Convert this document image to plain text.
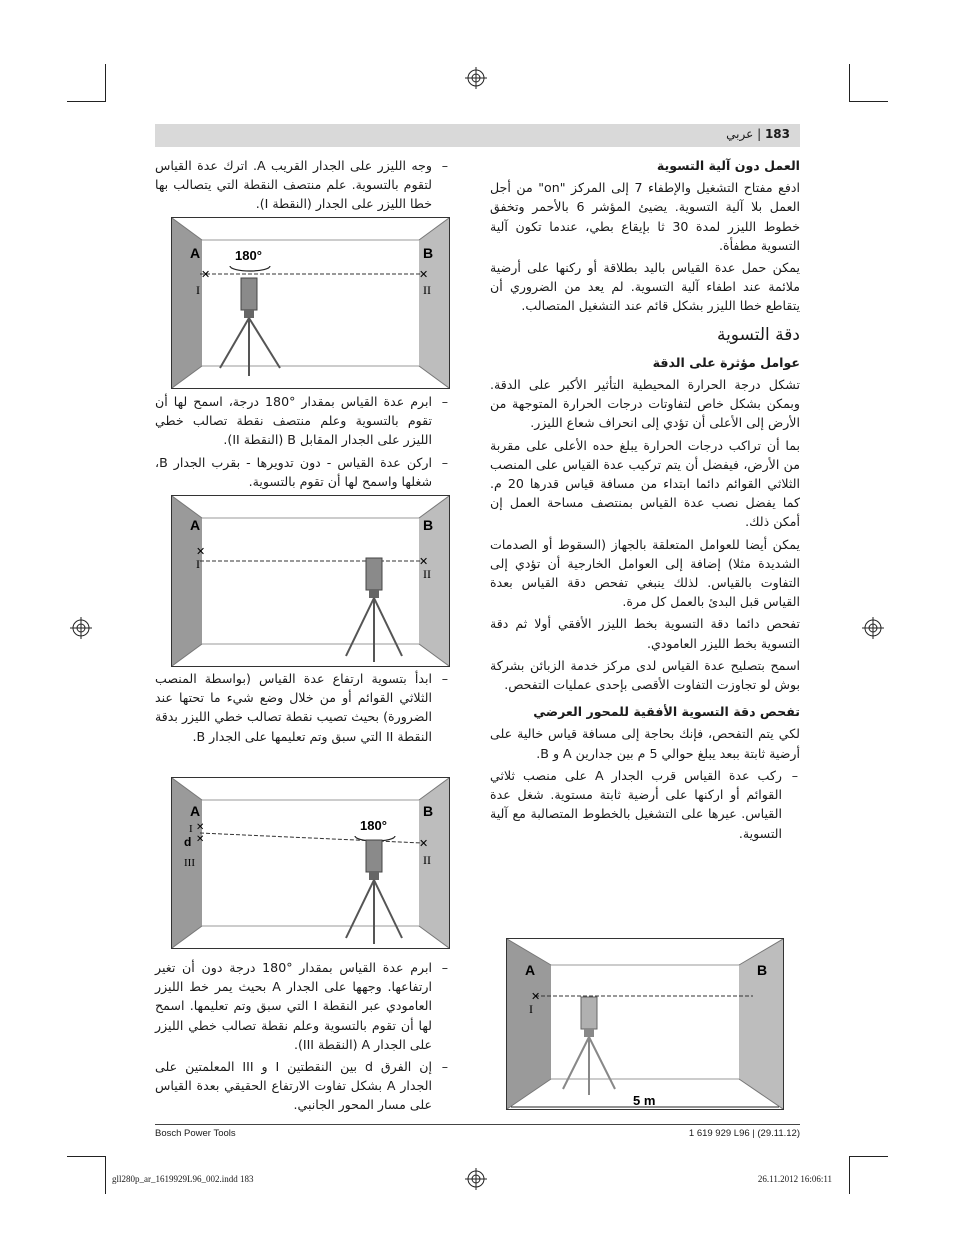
183 | عربي
العمل دون آلية التسوية

ادفع مفتاح التشغيل والإطفاء 7 إلى المركز "on" من أجل العمل بلا آلية التسوية. يضيئ المؤشر 6 بالأحمر وتخفق خطوط الليزر لمدة 30 ثا بإيقاع بطي، عندما تكون آلية التسوية مطفأة.

يمكن حمل عدة القياس باليد بطلاقة أو ركنها على أرضية ملائمة عند اطفاء آلية التسوية. لم يعد من الضروري أن يتقاطع خطا الليزر بشكل قائم عند التشغيل المتصالب.

دقة التسوية
عوامل مؤثرة على الدقة

تشكل درجة الحرارة المحيطية التأثير الأكبر على الدقة. وبمكن بشكل خاص لتفاوتات درجات الحرارة المتوجهة من الأرض إلى الأعلى أن تؤدي إلى انحراف شعاع الليزر.

بما أن تراكب درجات الحرارة يبلغ حده الأعلى على مقربة من الأرض، فيفضل أن يتم تركيب عدة القياس على المنصب الثلاثي القوائم دائما ابتداء من مسافة قياس قدرها 20 م. كما يفضل نصب عدة القياس بمنتصف مساحة العمل إن أمكن ذلك.

يمكن أيضا للعوامل المتعلقة بالجهاز (السقوط أو الصدمات الشديدة مثلا) إضافة إلى العوامل الخارجية أن تؤدي إلى التفاوت بالقياس. لذلك ينبغي تفحص دقة القياس بعدة القياس قبل البدئ بالعمل كل مرة.

تفحص دائما دقة التسوية بخط الليزر الأفقي أولا ثم دقة التسوية بخط الليزر العامودي.

اسمح بتصليح عدة القياس لدى مركز خدمة الزبائن بشركة بوش لو تجاوزت التفاوت الأقصى بإحدى عمليات التفحص.

تفحص دقة التسوية الأفقية للمحور العرضي

لكي يتم التفحص، فإنك بحاجة إلى مسافة قياس خالية على أرضية ثابتة ببعد يبلغ حوالي 5 م بين جدارين A و B.

–
ركب عدة القياس قرب الجدار A على منصب ثلاثي القوائم أو اركنها على أرضية ثابتة مستوية. شغل عدة القياس. عيرها على التشغيل بالخطوط المتصالبة مع آلية التسوية.
–
وجه الليزر على الجدار القريب A. اترك عدة القياس لتقوم بالتسوية. علم منتصف النقطة التي يتصالب بها خطا الليزر على الجدار (النقطة I).
–
ابرم عدة القياس بمقدار °180 درجة، اسمح لها أن تقوم بالتسوية وعلم منتصف نقطة تصالب خطي الليزر على الجدار المقابل B (النقطة II).
–
اركن عدة القياس - دون تدويرها - بقرب الجدار B، شغلها واسمح لها أن تقوم بالتسوية.
–
ابدأ بتسوية ارتفاع عدة القياس (بواسطة المنصب الثلاثي القوائم أو من خلال وضع شيء ما تحتها عند الضرورة) بحيث تصيب نقطة تصالب خطي الليزر بدقة النقطة II التي سبق وتم تعليمها على الجدار B.
–
ابرم عدة القياس بمقدار °180 درجة دون أن تغير ارتفاعها. وجهها على الجدار A بحيث يمر خط الليزر العامودي عبر النقطة I التي سبق وتم تعليمها. اسمح لها أن تقوم بالتسوية وعلم نقطة تصالب خطي الليزر على الجدار A (النقطة III).
–
إن الفرق d بين النقطتين I و III المعلمتين على الجدار A بشكل تفاوت الارتفاع الحقيقي بعدة القياس على مسار المحور الجانبي.
A	B
I	II
180°
✕	✕
A	B
I
II
✕
✕
A	B
I
d
III	II
180°
✕
✕	✕
A	B
I
✕
5 m
Bosch Power Tools	1 619 929 L96 | (29.11.12)
gll280p_ar_1619929L96_002.indd 183	26.11.2012 16:06:11
